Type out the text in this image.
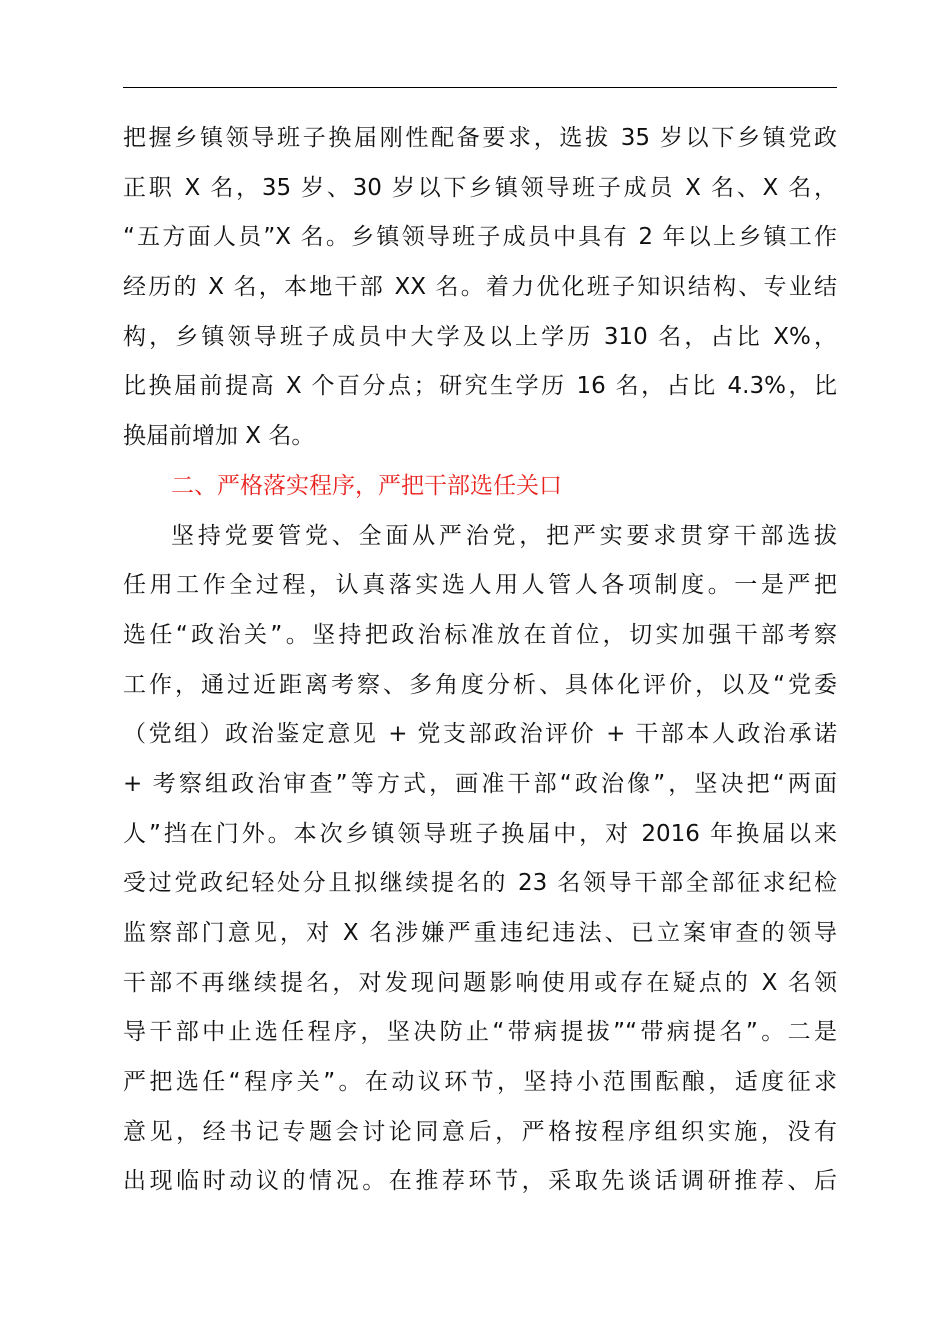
把握乡镇领导班子换届刚性配备要求，选拔 35 岁以下乡镇党政
正职 X 名，35 岁、30 岁以下乡镇领导班子成员 X 名、X 名，
“五方面人员”X 名。乡镇领导班子成员中具有 2 年以上乡镇工作
经历的 X 名，本地干部 XX 名。着力优化班子知识结构、专业结
构，乡镇领导班子成员中大学及以上学历 310 名，占比 X%，
比换届前提高 X 个百分点；研究生学历 16 名，占比 4.3%，比
换届前增加 X 名。
二、严格落实程序，严把干部选任关口
坚持党要管党、全面从严治党，把严实要求贯穿干部选拔
任用工作全过程，认真落实选人用人管人各项制度。一是严把
选任“政治关”。坚持把政治标准放在首位，切实加强干部考察
工作，通过近距离考察、多角度分析、具体化评价，以及“党委
（党组）政治鉴定意见 + 党支部政治评价 + 干部本人政治承诺
+ 考察组政治审查”等方式，画准干部“政治像”，坚决把“两面
人”挡在门外。本次乡镇领导班子换届中，对 2016 年换届以来
受过党政纪轻处分且拟继续提名的 23 名领导干部全部征求纪检
监察部门意见，对 X 名涉嫌严重违纪违法、已立案审查的领导
干部不再继续提名，对发现问题影响使用或存在疑点的 X 名领
导干部中止选任程序，坚决防止“带病提拔”“带病提名”。二是
严把选任“程序关”。在动议环节，坚持小范围酝酿，适度征求
意见，经书记专题会讨论同意后，严格按程序组织实施，没有
出现临时动议的情况。在推荐环节，采取先谈话调研推荐、后
